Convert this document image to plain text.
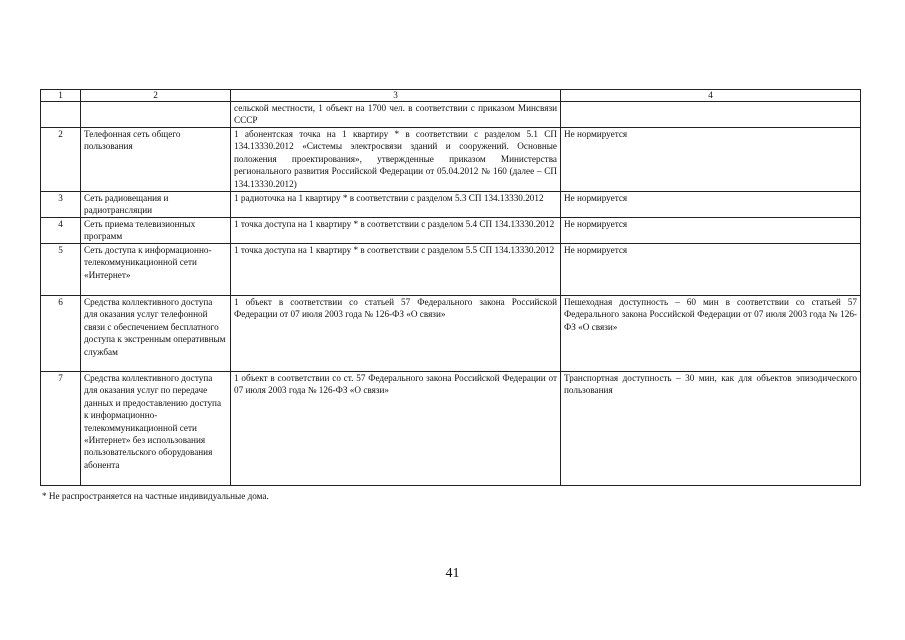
1	2	3	4
		сельской местности, 1 объект на 1700 чел. в соответствии с приказом Минсвязи СССР	
2	Телефонная сеть общего пользования	1 абонентская точка на 1 квартиру * в соответствии с разделом 5.1 СП 134.13330.2012 «Системы электросвязи зданий и сооружений. Основные положения проектирования», утвержденные приказом Министерства регионального развития Российской Федерации от 05.04.2012 № 160 (далее – СП 134.13330.2012)	Не нормируется
3	Сеть радиовещания и радиотрансляции	1 радиоточка на 1 квартиру * в соответствии с разделом 5.3 СП 134.13330.2012	Не нормируется
4	Сеть приема телевизионных программ	1 точка доступа на 1 квартиру * в соответствии с разделом 5.4 СП 134.13330.2012	Не нормируется
5	Сеть доступа к информационно-телекоммуникационной сети «Интернет»	1 точка доступа на 1 квартиру * в соответствии с разделом 5.5 СП 134.13330.2012	Не нормируется
6	Средства коллективного доступа для оказания услуг телефонной связи с обеспечением бесплатного доступа к экстренным оперативным службам	1 объект в соответствии со статьей 57 Федерального закона Российской Федерации от 07 июля 2003 года № 126-ФЗ «О связи»	Пешеходная доступность – 60 мин в соответствии со статьей 57 Федерального закона Российской Федерации от 07 июля 2003 года № 126-ФЗ «О связи»
7	Средства коллективного доступа для оказания услуг по передаче данных и предоставлению доступа к информационно-телекоммуникационной сети «Интернет» без использования пользовательского оборудования абонента	1 объект в соответствии со ст. 57 Федерального закона Российской Федерации от 07 июля 2003 года № 126-ФЗ «О связи»	Транспортная доступность – 30 мин, как для объектов эпизодического пользования
* Не распространяется на частные индивидуальные дома.
41
